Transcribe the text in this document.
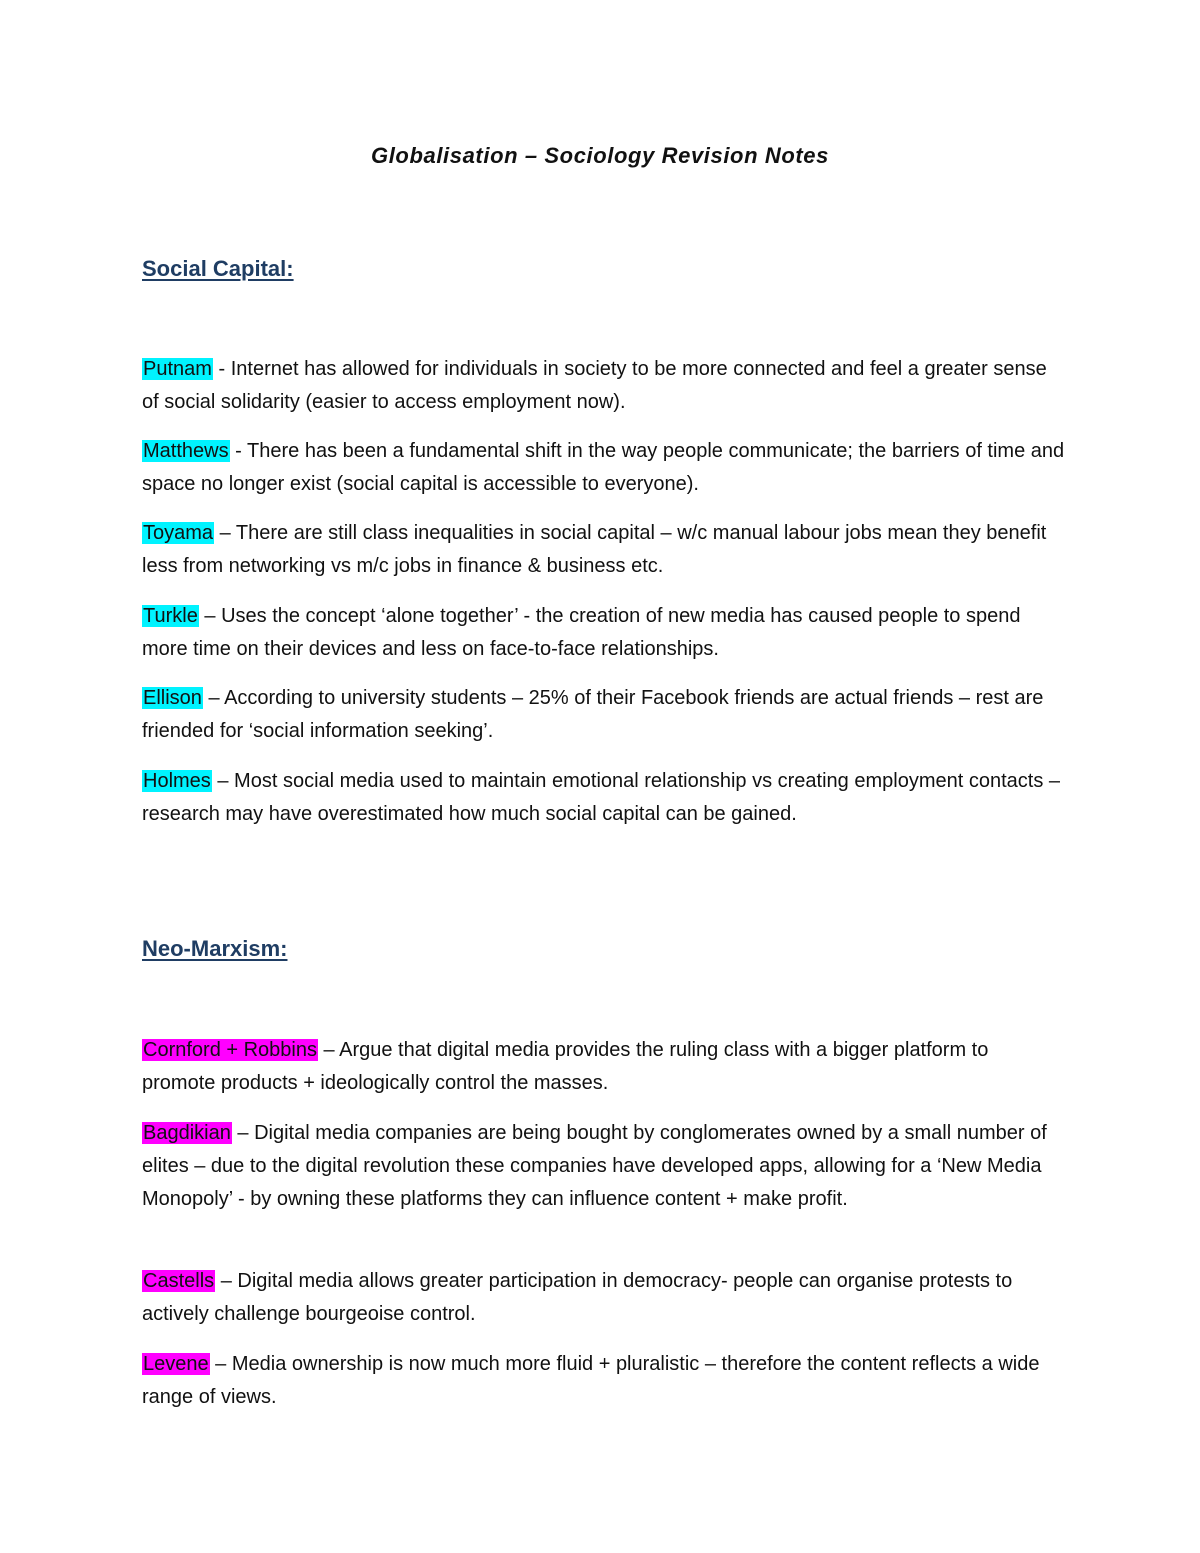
Globalisation – Sociology Revision Notes
Social Capital:

Putnam - Internet has allowed for individuals in society to be more connected and feel a greater sense of social solidarity (easier to access employment now).

Matthews - There has been a fundamental shift in the way people communicate; the barriers of time and space no longer exist (social capital is accessible to everyone).

Toyama – There are still class inequalities in social capital – w/c manual labour jobs mean they benefit less from networking vs m/c jobs in finance & business etc.

Turkle – Uses the concept ‘alone together’ - the creation of new media has caused people to spend more time on their devices and less on face-to-face relationships.

Ellison – According to university students – 25% of their Facebook friends are actual friends – rest are friended for ‘social information seeking’.

Holmes – Most social media used to maintain emotional relationship vs creating employment contacts – research may have overestimated how much social capital can be gained.

Neo-Marxism:

Cornford + Robbins – Argue that digital media provides the ruling class with a bigger platform to promote products + ideologically control the masses.

Bagdikian – Digital media companies are being bought by conglomerates owned by a small number of elites – due to the digital revolution these companies have developed apps, allowing for a ‘New Media Monopoly’ - by owning these platforms they can influence content + make profit.

Castells – Digital media allows greater participation in democracy- people can organise protests to actively challenge bourgeoise control.

Levene – Media ownership is now much more fluid + pluralistic – therefore the content reflects a wide range of views.
